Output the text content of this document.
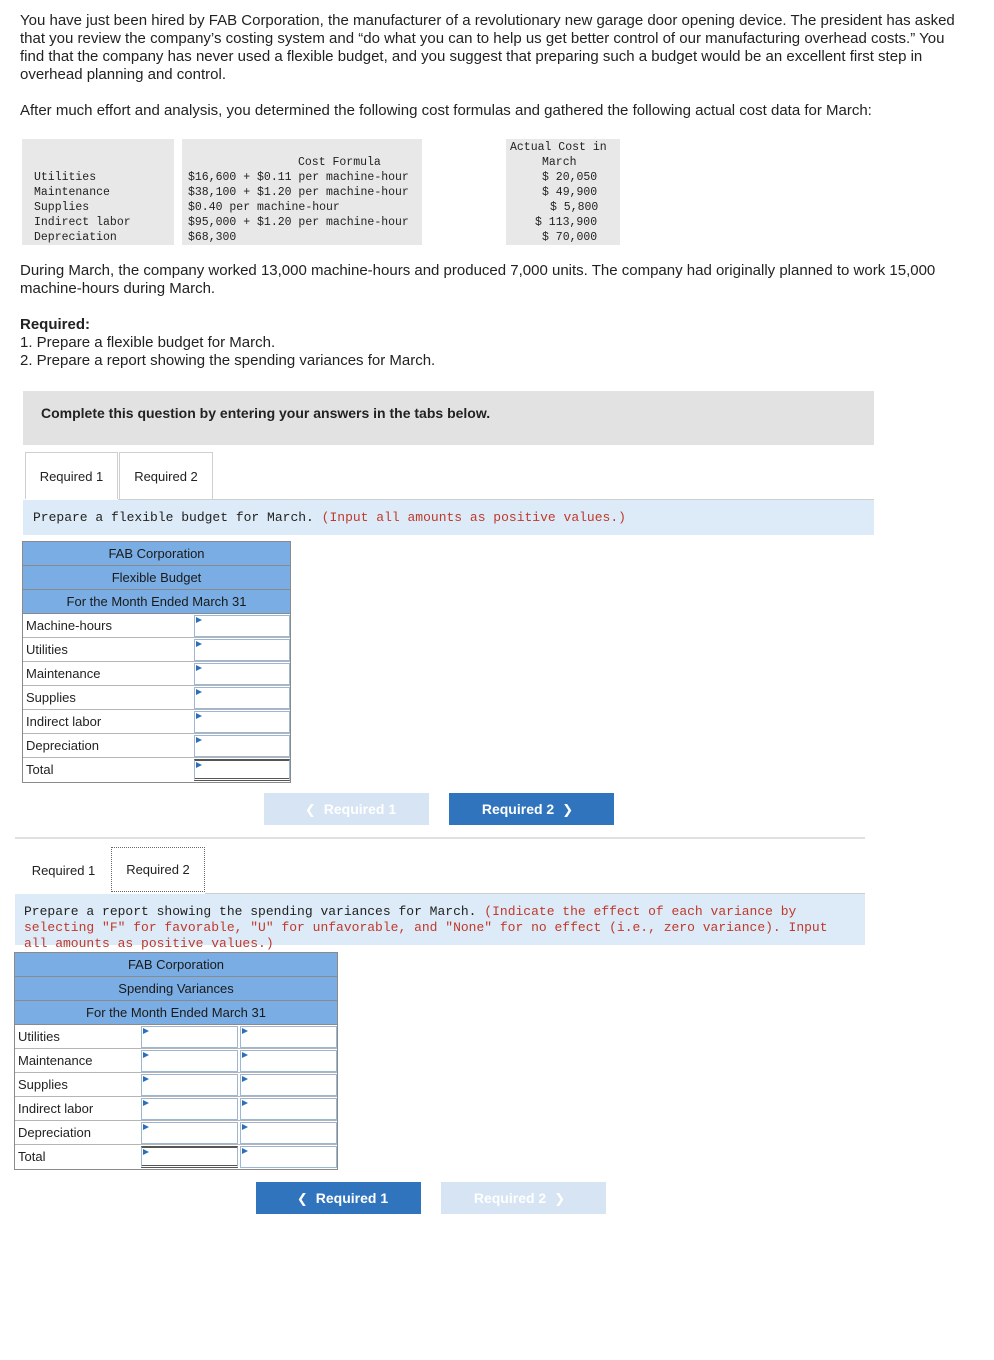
You have just been hired by FAB Corporation, the manufacturer of a revolutionary new garage door opening device. The president has asked that you review the company’s costing system and “do what you can to help us get better control of our manufacturing overhead costs.” You find that the company has never used a flexible budget, and you suggest that preparing such a budget would be an excellent first step in overhead planning and control.
After much effort and analysis, you determined the following cost formulas and gathered the following actual cost data for March:
Cost Formula
Actual Cost in
March
Utilities	$16,600 + $0.11 per machine-hour	$ 20,050
Maintenance	$38,100 + $1.20 per machine-hour	$ 49,900
Supplies	$0.40 per machine-hour	$ 5,800
Indirect labor	$95,000 + $1.20 per machine-hour	$ 113,900
Depreciation	$68,300	$ 70,000
During March, the company worked 13,000 machine-hours and produced 7,000 units. The company had originally planned to work 15,000 machine-hours during March.
Required:
1. Prepare a flexible budget for March.
2. Prepare a report showing the spending variances for March.
Complete this question by entering your answers in the tabs below.
Required 1	Required 2
Prepare a flexible budget for March. (Input all amounts as positive values.)
FAB Corporation
Flexible Budget
For the Month Ended March 31
Machine-hours
Utilities
Maintenance
Supplies
Indirect labor
Depreciation
Total
❮ Required 1	Required 2 ❯
Required 1	Required 2
Prepare a report showing the spending variances for March. (Indicate the effect of each variance by selecting "F" for favorable, "U" for unfavorable, and "None" for no effect (i.e., zero variance). Input all amounts as positive values.)
FAB Corporation
Spending Variances
For the Month Ended March 31
Utilities
Maintenance
Supplies
Indirect labor
Depreciation
Total
❮ Required 1	Required 2 ❯
